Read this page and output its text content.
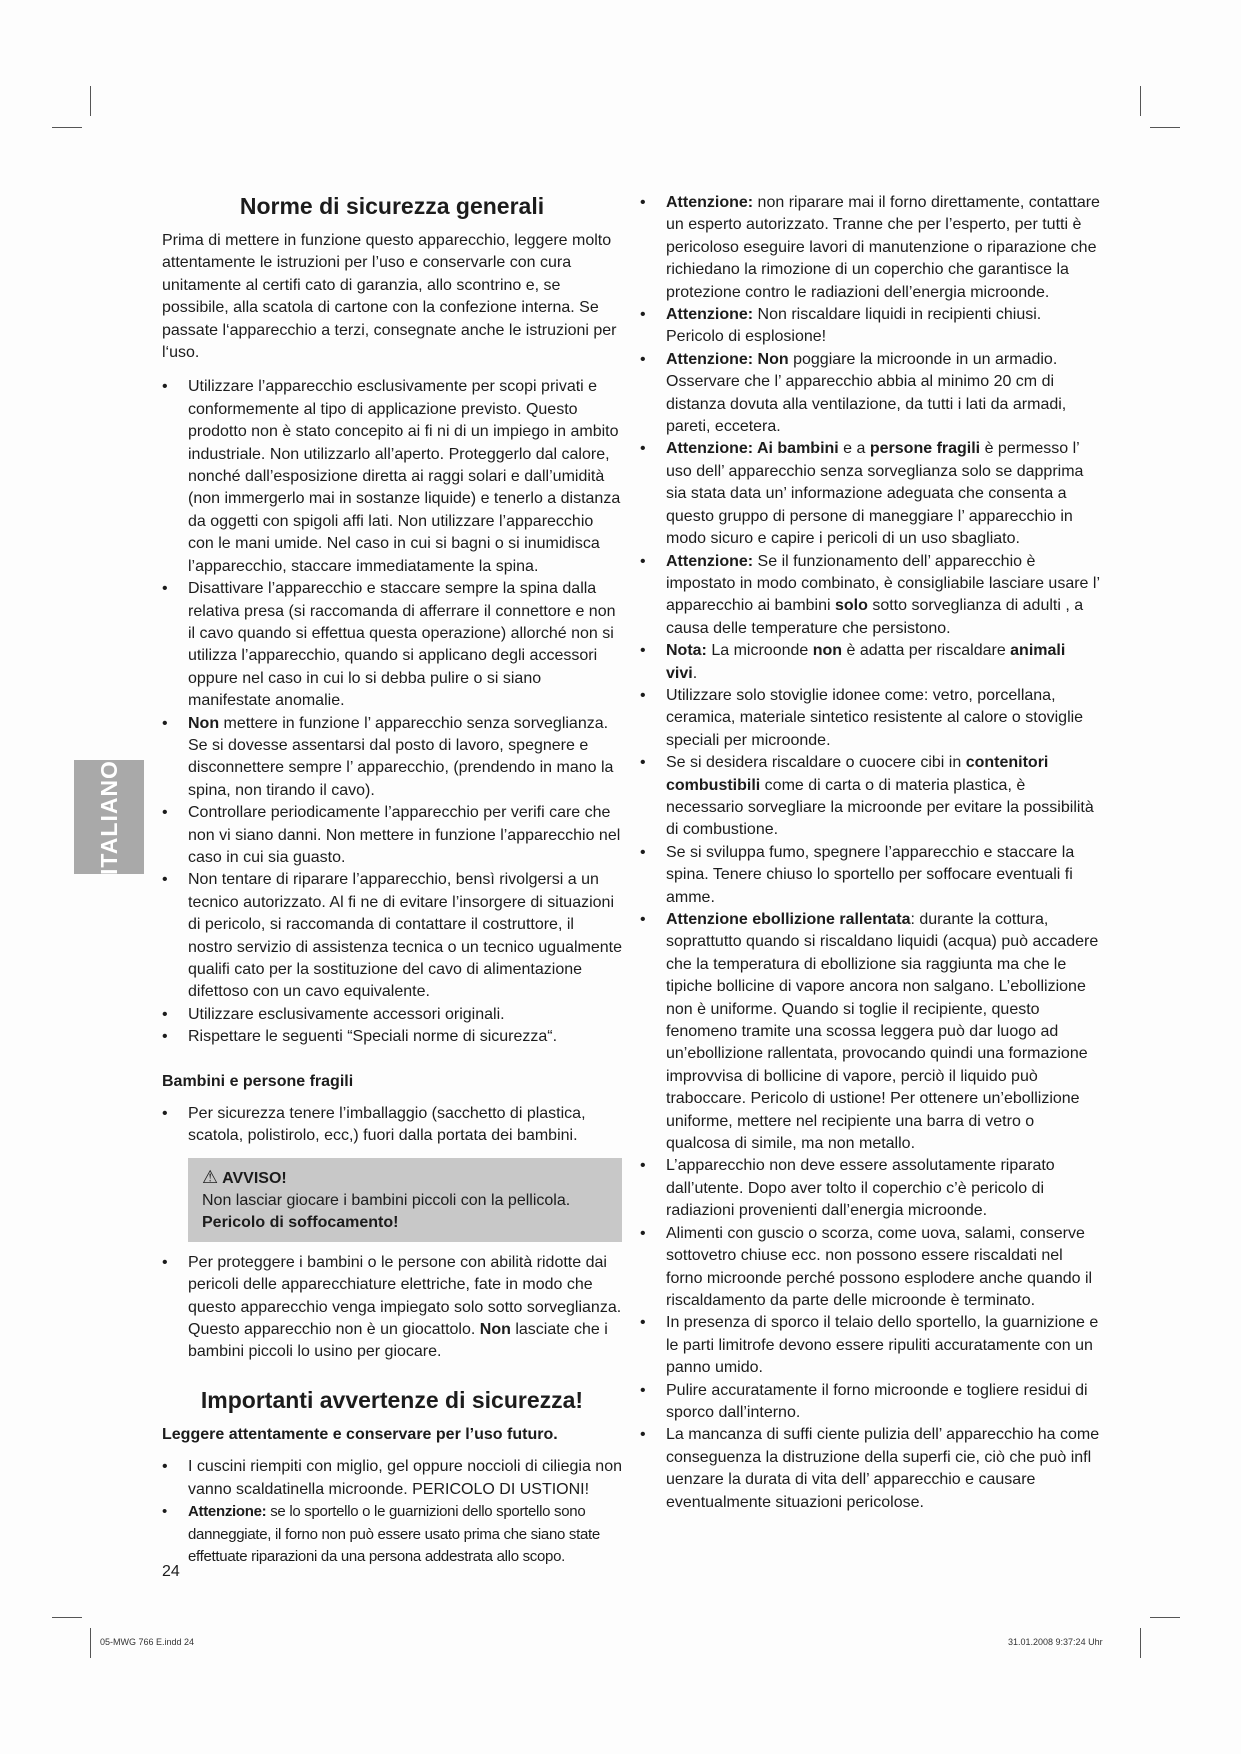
ITALIANO
Norme di sicurezza generali

Prima di mettere in funzione questo apparecchio, leggere molto attentamente le istruzioni per l’uso e conservarle con cura unitamente al certifi cato di garanzia, allo scontrino e, se possibile, alla scatola di cartone con la confezione interna. Se passate l‘apparecchio a terzi, consegnate anche le istruzioni per l‘uso.

• Utilizzare l’apparecchio esclusivamente per scopi privati e conformemente al tipo di applicazione previsto. Questo prodotto non è stato concepito ai fi ni di un impiego in ambito industriale. Non utilizzarlo all’aperto. Proteggerlo dal calore, nonché dall’esposizione diretta ai raggi solari e dall’umidità (non immergerlo mai in sostanze liquide) e tenerlo a distanza da oggetti con spigoli affi lati. Non utilizzare l’apparecchio con le mani umide. Nel caso in cui si bagni o si inumidisca l’apparecchio, staccare immediatamente la spina.
• Disattivare l’apparecchio e staccare sempre la spina dalla relativa presa (si raccomanda di afferrare il connettore e non il cavo quando si effettua questa operazione) allorché non si utilizza l’apparecchio, quando si applicano degli accessori oppure nel caso in cui lo si debba pulire o si siano manifestate anomalie.
• Non mettere in funzione l’ apparecchio senza sorveglianza. Se si dovesse assentarsi dal posto di lavoro, spegnere e disconnettere sempre l’ apparecchio, (prendendo in mano la spina, non tirando il cavo).
• Controllare periodicamente l’apparecchio per verifi care che non vi siano danni. Non mettere in funzione l’apparecchio nel caso in cui sia guasto.
• Non tentare di riparare l’apparecchio, bensì rivolgersi a un tecnico autorizzato. Al fi ne di evitare l’insorgere di situazioni di pericolo, si raccomanda di contattare il costruttore, il nostro servizio di assistenza tecnica o un tecnico ugualmente qualifi cato per la sostituzione del cavo di alimentazione difettoso con un cavo equivalente.
• Utilizzare esclusivamente accessori originali.
• Rispettare le seguenti “Speciali norme di sicurezza“.
Bambini e persone fragili
• Per sicurezza tenere l’imballaggio (sacchetto di plastica, scatola, polistirolo, ecc,) fuori dalla portata dei bambini.
⚠ AVVISO!
Non lasciar giocare i bambini piccoli con la pellicola.
Pericolo di soffocamento!
• Per proteggere i bambini o le persone con abilità ridotte dai pericoli delle apparecchiature elettriche, fate in modo che questo apparecchio venga impiegato solo sotto sorveglianza. Questo apparecchio non è un giocattolo. Non lasciate che i bambini piccoli lo usino per giocare.
Importanti avvertenze di sicurezza!
Leggere attentamente e conservare per l’uso futuro.
• I cuscini riempiti con miglio, gel oppure noccioli di ciliegia non vanno scaldatinella microonde. PERICOLO DI USTIONI!
• Attenzione: se lo sportello o le guarnizioni dello sportello sono danneggiate, il forno non può essere usato prima che siano state effettuate riparazioni da una persona addestrata allo scopo.
• Attenzione: non riparare mai il forno direttamente, contattare un esperto autorizzato. Tranne che per l’esperto, per tutti è pericoloso eseguire lavori di manutenzione o riparazione che richiedano la rimozione di un coperchio che garantisce la protezione contro le radiazioni dell’energia microonde.
• Attenzione: Non riscaldare liquidi in recipienti chiusi. Pericolo di esplosione!
• Attenzione: Non poggiare la microonde in un armadio. Osservare che l’ apparecchio abbia al minimo 20 cm di distanza dovuta alla ventilazione, da tutti i lati da armadi, pareti, eccetera.
• Attenzione: Ai bambini e a persone fragili è permesso l’ uso dell’ apparecchio senza sorveglianza solo se dapprima sia stata data un’ informazione adeguata che consenta a questo gruppo di persone di maneggiare l’ apparecchio in modo sicuro e capire i pericoli di un uso sbagliato.
• Attenzione: Se il funzionamento dell’ apparecchio è impostato in modo combinato, è consigliabile lasciare usare l’ apparecchio ai bambini solo sotto sorveglianza di adulti , a causa delle temperature che persistono.
• Nota: La microonde non è adatta per riscaldare animali vivi.
• Utilizzare solo stoviglie idonee come: vetro, porcellana, ceramica, materiale sintetico resistente al calore o stoviglie speciali per microonde.
• Se si desidera riscaldare o cuocere cibi in contenitori combustibili come di carta o di materia plastica, è necessario sorvegliare la microonde per evitare la possibilità di combustione.
• Se si sviluppa fumo, spegnere l’apparecchio e staccare la spina. Tenere chiuso lo sportello per soffocare eventuali fi amme.
• Attenzione ebollizione rallentata: durante la cottura, soprattutto quando si riscaldano liquidi (acqua) può accadere che la temperatura di ebollizione sia raggiunta ma che le tipiche bollicine di vapore ancora non salgano. L’ebollizione non è uniforme. Quando si toglie il recipiente, questo fenomeno tramite una scossa leggera può dar luogo ad un’ebollizione rallentata, provocando quindi una formazione improvvisa di bollicine di vapore, perciò il liquido può traboccare. Pericolo di ustione! Per ottenere un’ebollizione uniforme, mettere nel recipiente una barra di vetro o qualcosa di simile, ma non metallo.
• L’apparecchio non deve essere assolutamente riparato dall’utente. Dopo aver tolto il coperchio c’è pericolo di radiazioni provenienti dall’energia microonde.
• Alimenti con guscio o scorza, come uova, salami, conserve sottovetro chiuse ecc. non possono essere riscaldati nel forno microonde perché possono esplodere anche quando il riscaldamento da parte delle microonde è terminato.
• In presenza di sporco il telaio dello sportello, la guarnizione e le parti limitrofe devono essere ripuliti accuratamente con un panno umido.
• Pulire accuratamente il forno microonde e togliere residui di sporco dall’interno.
• La mancanza di suffi ciente pulizia dell’ apparecchio ha come conseguenza la distruzione della superfi cie, ciò che può infl uenzare la durata di vita dell’ apparecchio e causare eventualmente situazioni pericolose.
24
05-MWG 766 E.indd 24	31.01.2008 9:37:24 Uhr
